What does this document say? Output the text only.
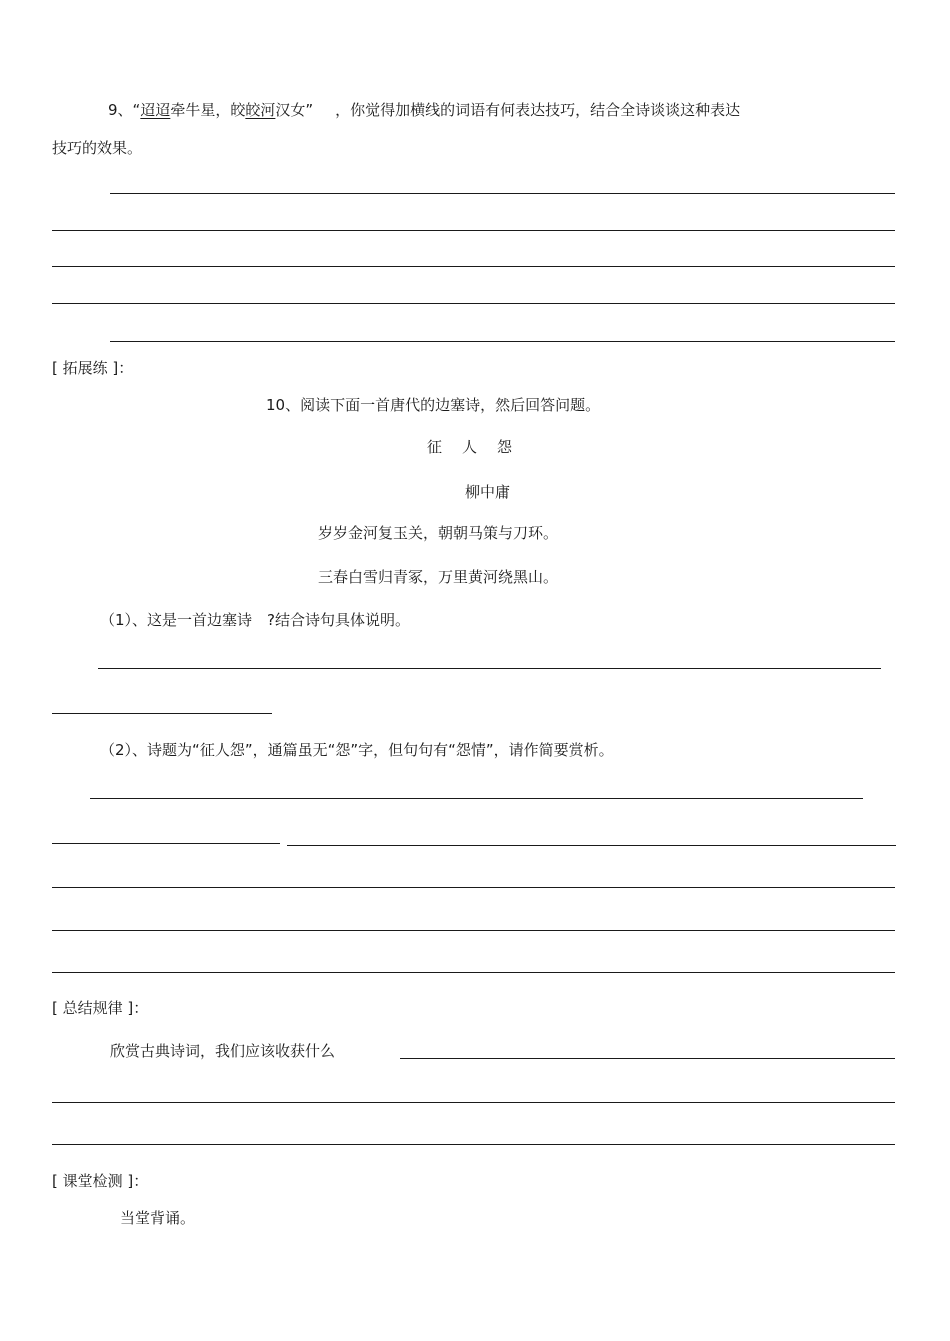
9、“迢迢牵牛星，皎皎河汉女” ，你觉得加横线的词语有何表达技巧，结合全诗谈谈这种表达
技巧的效果。
[ 拓展练 ]：
10、阅读下面一首唐代的边塞诗，然后回答问题。
征人怨
柳中庸
岁岁金河复玉关，朝朝马策与刀环。
三春白雪归青冢，万里黄河绕黑山。
（1）、这是一首边塞诗　?结合诗句具体说明。
（2）、诗题为“征人怨”，通篇虽无“怨”字，但句句有“怨情”，请作简要赏析。
[ 总结规律 ]：
欣赏古典诗词，我们应该收获什么
[ 课堂检测 ]：
当堂背诵。
